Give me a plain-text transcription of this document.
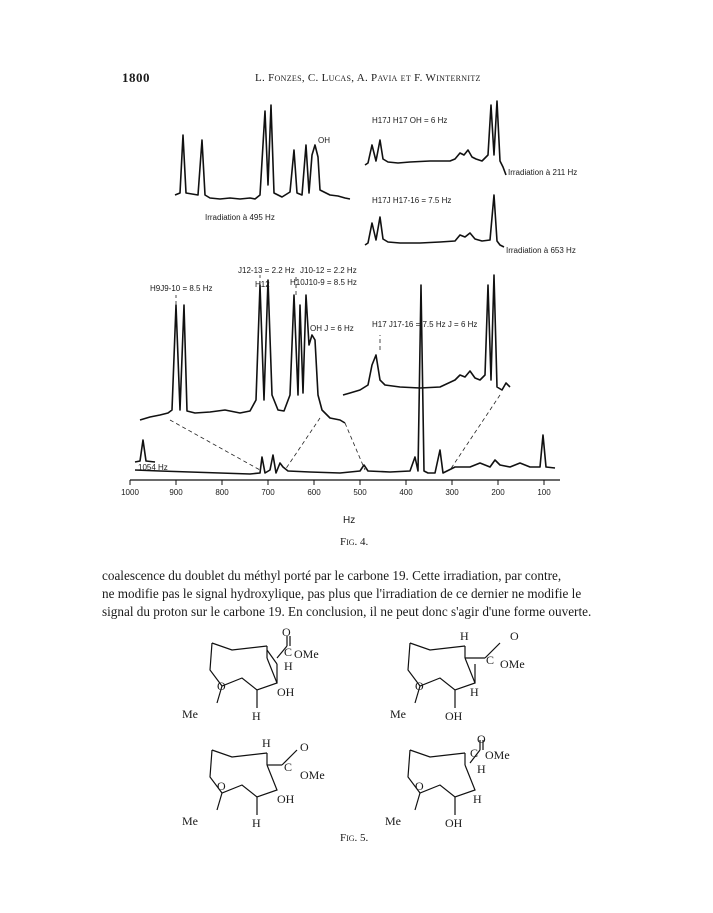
1800	L. Fonzes, C. Lucas, A. Pavia et F. Winternitz
1000	900	800	700	600	500	400	300	200	100
OH
Irradiation à 495 Hz
H17J H17 OH = 6 Hz
Irradiation à 211 Hz
H17J H17-16 = 7.5 Hz
Irradiation à 653 Hz
H9J9-10 = 8.5 Hz
J12-13 = 2.2 Hz
H12
J10-12 = 2.2 Hz
H10J10-9 = 8.5 Hz
OH J = 6 Hz H17 J17-16 = 7.5 Hz J = 6 Hz
1054 Hz
Hz
Fig. 4.
coalescence du doublet du méthyl porté par le carbone 19. Cette irradiation, par contre,
ne modifie pas le signal hydroxylique, pas plus que l'irradiation de ce dernier ne modifie le
signal du proton sur le carbone 19. En conclusion, il ne peut donc s'agir d'une forme ouverte.
O
C OMe
H
OH
O
Me	H
H	O
C OMe
O	H
Me	OH
H O
C
OMe
O
OH
Me	H
O
C OMe
H
O
H
Me	OH
Fig. 5.
